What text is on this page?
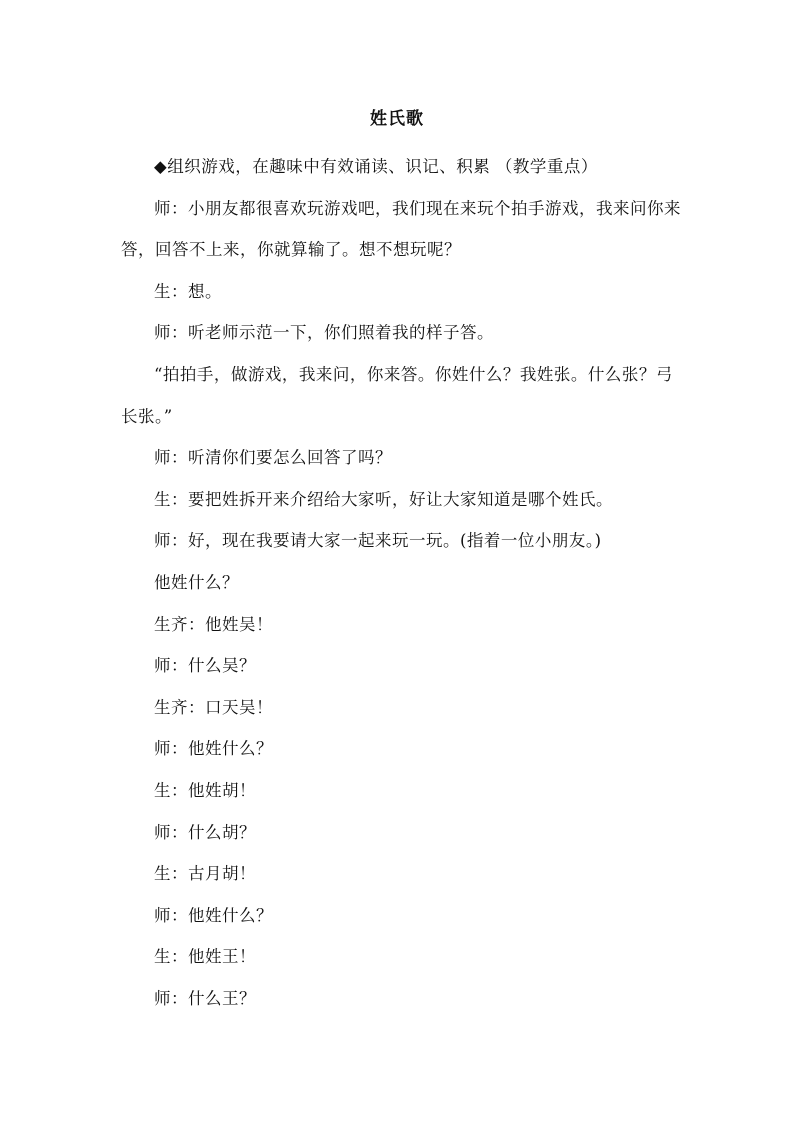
姓氏歌

◆组织游戏，在趣味中有效诵读、识记、积累 （教学重点）

师：小朋友都很喜欢玩游戏吧，我们现在来玩个拍手游戏，我来问你来答，回答不上来，你就算输了。想不想玩呢？

生：想。

师：听老师示范一下，你们照着我的样子答。

“拍拍手，做游戏，我来问，你来答。你姓什么？我姓张。什么张？弓长张。”

师：听清你们要怎么回答了吗？

生：要把姓拆开来介绍给大家听，好让大家知道是哪个姓氏。

师：好，现在我要请大家一起来玩一玩。(指着一位小朋友。)

他姓什么？

生齐：他姓吴！

师：什么吴？

生齐：口天吴！

师：他姓什么？

生：他姓胡！

师：什么胡？

生：古月胡！

师：他姓什么？

生：他姓王！

师：什么王？
